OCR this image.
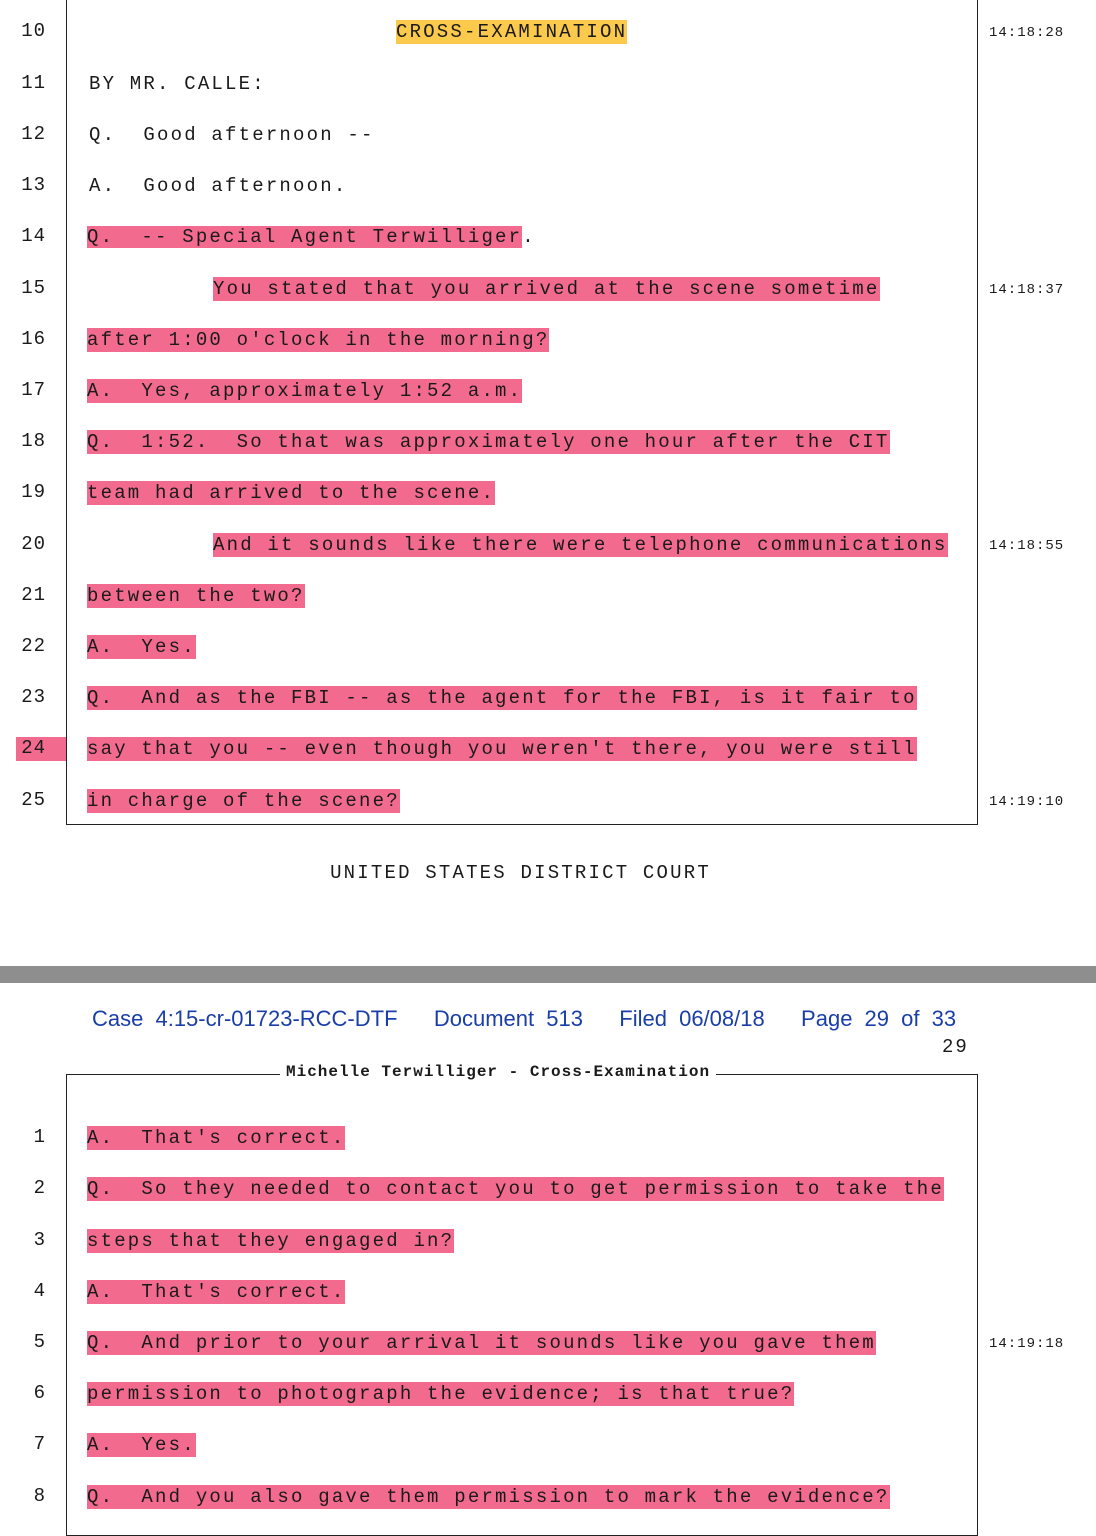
10
11
12
13
14
15
16
17
18
19
20
21
22
23
24
25
CROSS-EXAMINATION
BY MR. CALLE:
Q.  Good afternoon --
A.  Good afternoon.
Q.  -- Special Agent Terwilliger.
You stated that you arrived at the scene sometime
after 1:00 o'clock in the morning?
A.  Yes, approximately 1:52 a.m.
Q.  1:52.  So that was approximately one hour after the CIT
team had arrived to the scene.
And it sounds like there were telephone communications
between the two?
A.  Yes.
Q.  And as the FBI -- as the agent for the FBI, is it fair to
say that you -- even though you weren't there, you were still
in charge of the scene?
14:18:28
14:18:37
14:18:55
14:19:10
UNITED STATES DISTRICT COURT
Case 4:15-cr-01723-RCC-DTF   Document 513   Filed 06/08/18   Page 29 of 33
29
Michelle Terwilliger - Cross-Examination
1
2
3
4
5
6
7
8
A.  That's correct.
Q.  So they needed to contact you to get permission to take the
steps that they engaged in?
A.  That's correct.
Q.  And prior to your arrival it sounds like you gave them
permission to photograph the evidence; is that true?
A.  Yes.
Q.  And you also gave them permission to mark the evidence?
14:19:18
